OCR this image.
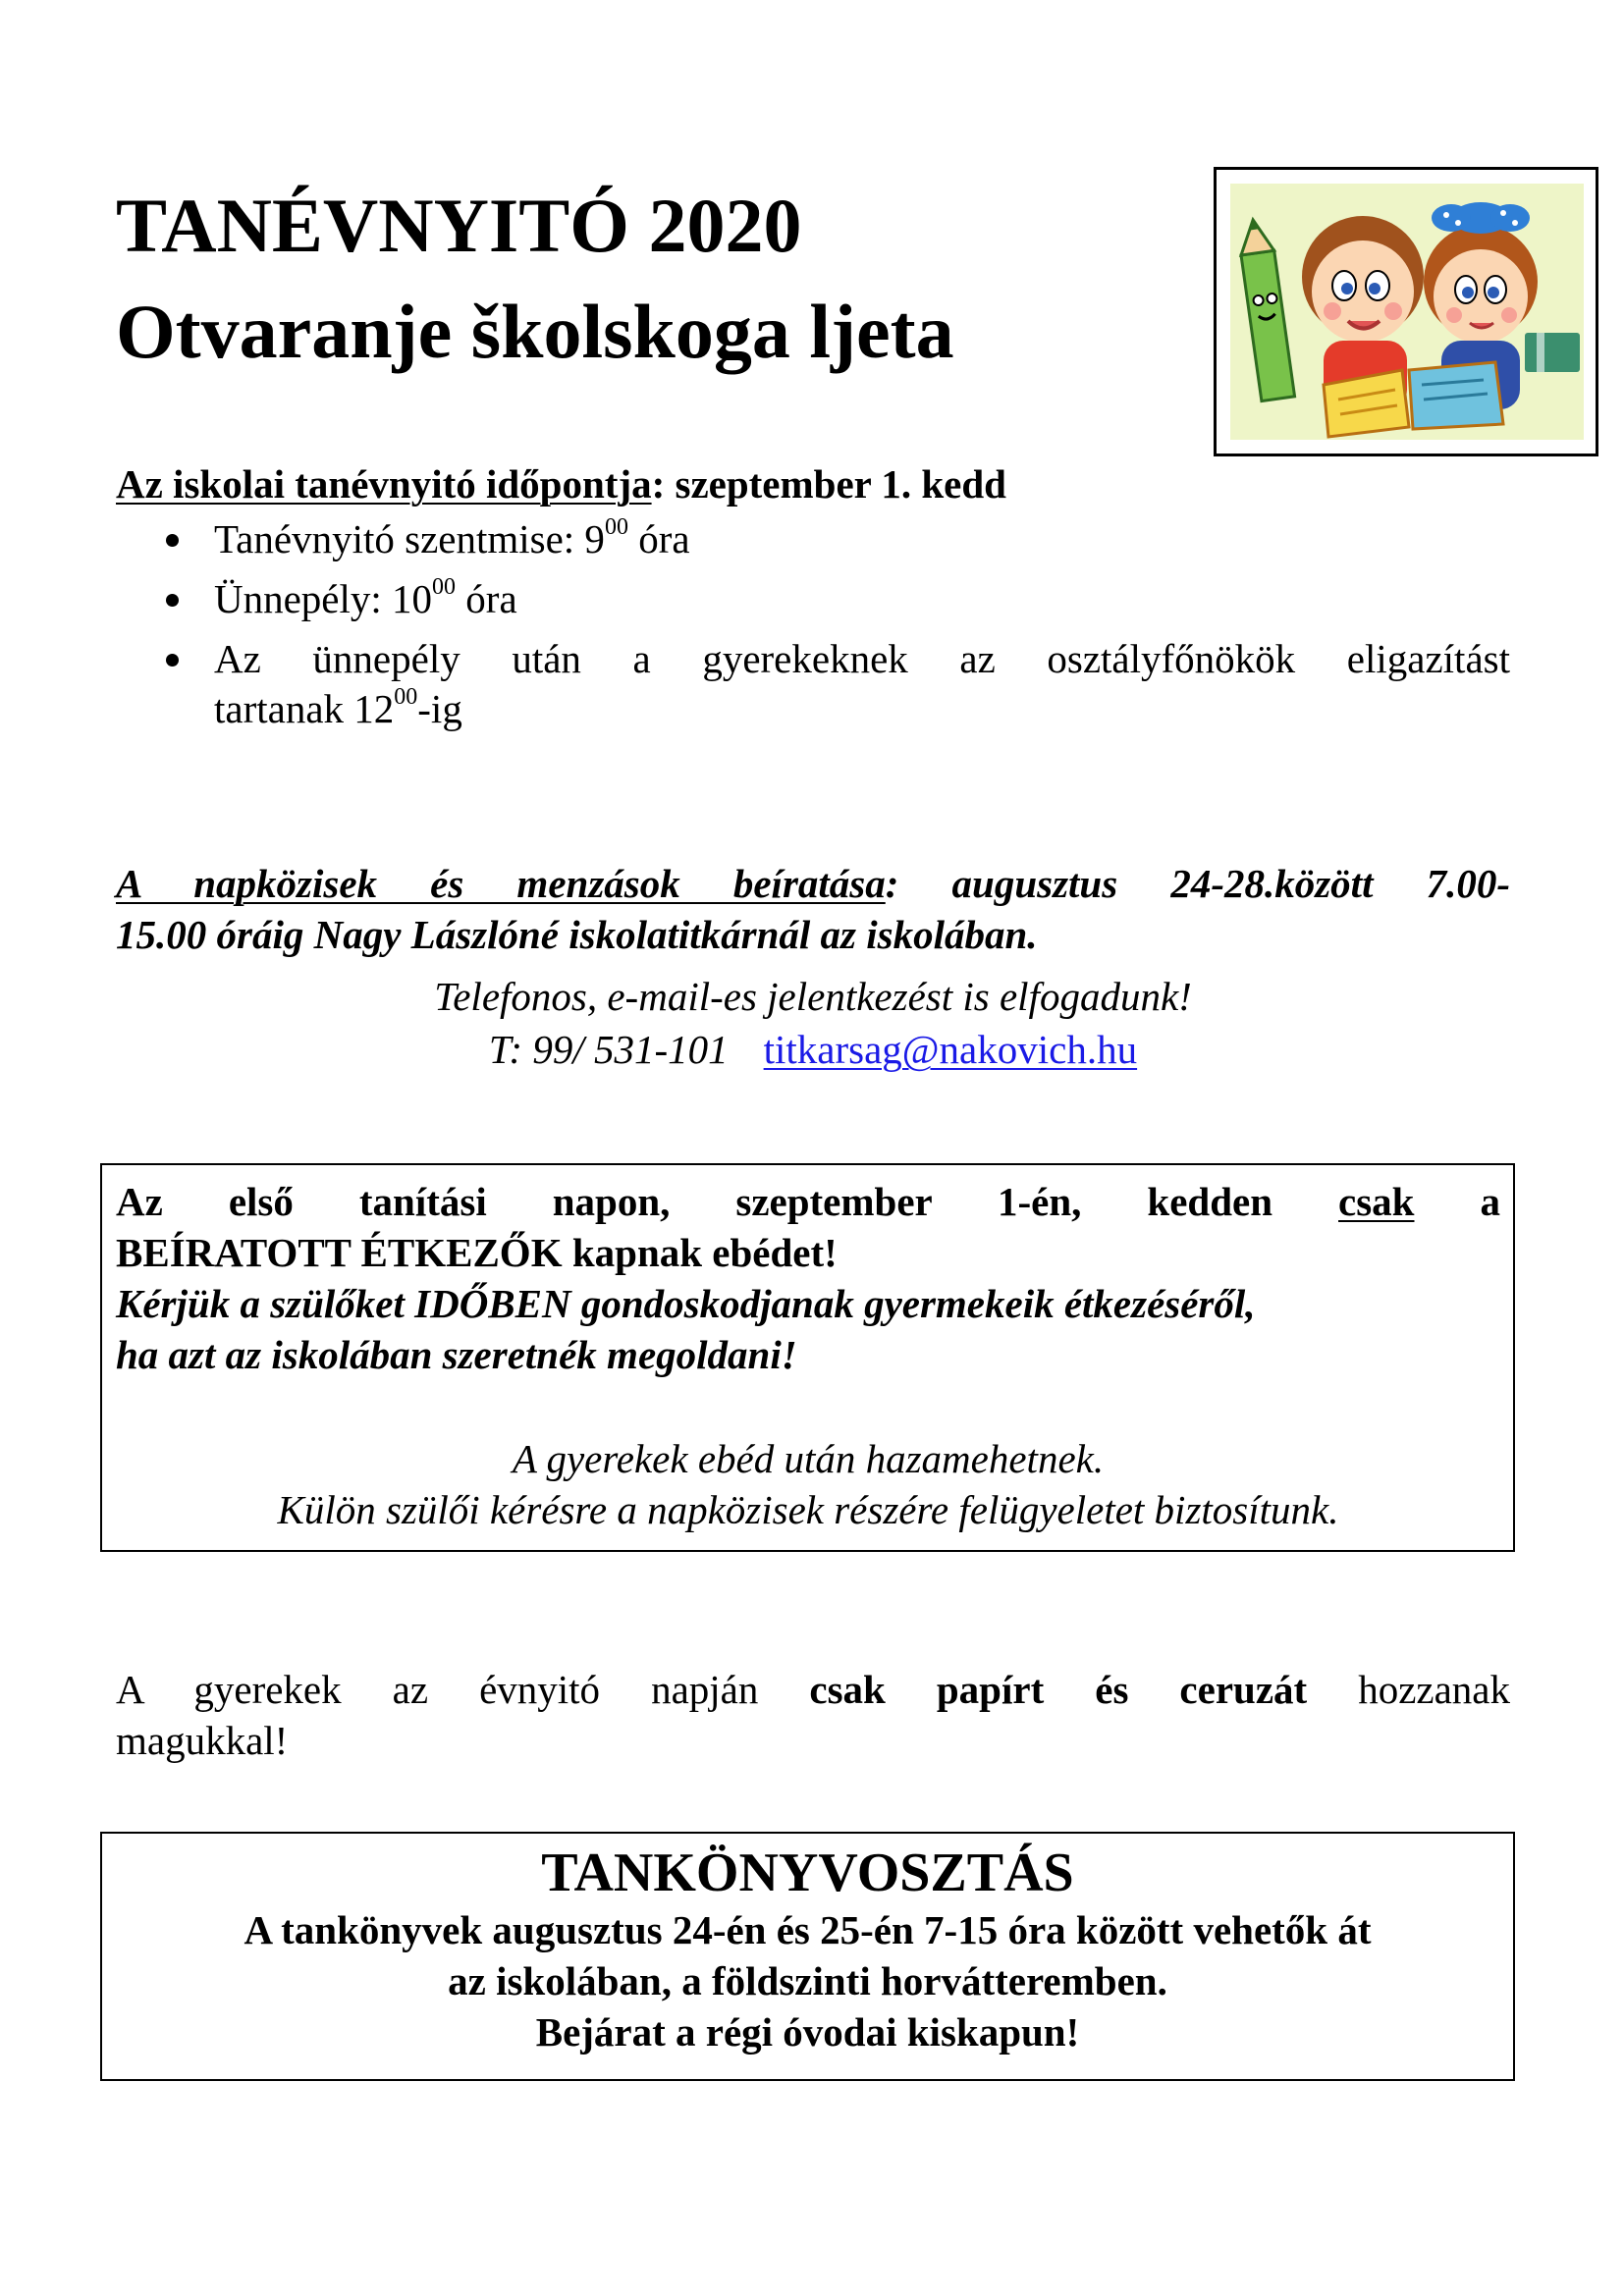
TANÉVNYITÓ 2020
Otvaranje školskoga ljeta
Az iskolai tanévnyitó időpontja: szeptember 1. kedd
Tanévnyitó szentmise: $9^{00}$ óra
Ünnepély: $10^{00}$ óra
Az ünnepély után a gyerekeknek az osztályfőnökök eligazítást
tartanak $12^{00}-ig$
A napközisek és menzások beíratása: augusztus 24-28.között 7.00-
15.00 óráig Nagy Lászlóné iskolatitkárnál az iskolában.
Telefonos, e-mail-es jelentkezést is elfogadunk!
T: 99/ 531-101 titkarsag@nakovich.hu
Az első tanítási napon, szeptember 1-én, kedden csak a
BEÍRATOTT ÉTKEZŐK kapnak ebédet!
Kérjük a szülőket IDŐBEN gondoskodjanak gyermekeik étkezéséről,
ha azt az iskolában szeretnék megoldani!
A gyerekek ebéd után hazamehetnek.
Külön szülői kérésre a napközisek részére felügyeletet biztosítunk.
A gyerekek az évnyitó napján csak papírt és ceruzát hozzanak
magukkal!
TANKÖNYVOSZTÁS
A tankönyvek augusztus 24-én és 25-én 7-15 óra között vehetők át
az iskolában, a földszinti horvátteremben.
Bejárat a régi óvodai kiskapun!
